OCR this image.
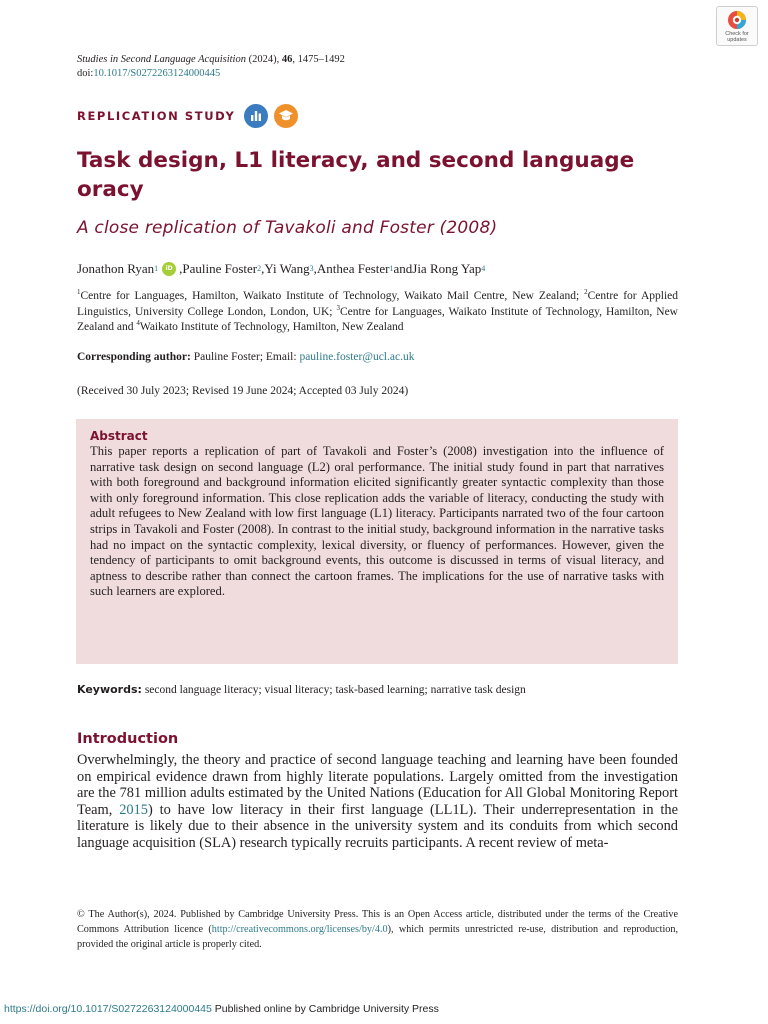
Check for
updates
Studies in Second Language Acquisition (2024), 46, 1475–1492
doi:10.1017/S0272263124000445
REPLICATION STUDY
Task design, L1 literacy, and second language oracy
A close replication of Tavakoli and Foster (2008)
Jonathon Ryan 1	iD , Pauline Foster 2 , Yi Wang 3 , Anthea Fester 1 and Jia Rong Yap 4
$^1$Centre for Languages, Hamilton, Waikato Institute of Technology, Waikato Mail Centre, New Zealand; $^2$Centre for Applied Linguistics, University College London, London, UK; $^3$Centre for Languages, Waikato Institute of Technology, Hamilton, New Zealand and $^4$Waikato Institute of Technology, Hamilton, New Zealand
Corresponding author: Pauline Foster; Email: pauline.foster@ucl.ac.uk
(Received 30 July 2023; Revised 19 June 2024; Accepted 03 July 2024)
Abstract
This paper reports a replication of part of Tavakoli and Foster’s (2008) investigation into the influence of narrative task design on second language (L2) oral performance. The initial study found in part that narratives with both foreground and background information elicited significantly greater syntactic complexity than those with only foreground information. This close replication adds the variable of literacy, conducting the study with adult refugees to New Zealand with low first language (L1) literacy. Participants narrated two of the four cartoon strips in Tavakoli and Foster (2008). In contrast to the initial study, background information in the narrative tasks had no impact on the syntactic complexity, lexical diversity, or fluency of performances. However, given the tendency of participants to omit background events, this outcome is discussed in terms of visual literacy, and aptness to describe rather than connect the cartoon frames. The implications for the use of narrative tasks with such learners are explored.
Keywords: second language literacy; visual literacy; task-based learning; narrative task design
Introduction
Overwhelmingly, the theory and practice of second language teaching and learning have been founded on empirical evidence drawn from highly literate populations. Largely omitted from the investigation are the 781 million adults estimated by the United Nations (Education for All Global Monitoring Report Team, 2015) to have low literacy in their first language (LL1L). Their underrepresentation in the literature is likely due to their absence in the university system and its conduits from which second language acquisition (SLA) research typically recruits participants. A recent review of meta-
© The Author(s), 2024. Published by Cambridge University Press. This is an Open Access article, distributed under the terms of the Creative Commons Attribution licence (http://creativecommons.org/licenses/by/4.0), which permits unrestricted re-use, distribution and reproduction, provided the original article is properly cited.
https://doi.org/10.1017/S0272263124000445 Published online by Cambridge University Press
